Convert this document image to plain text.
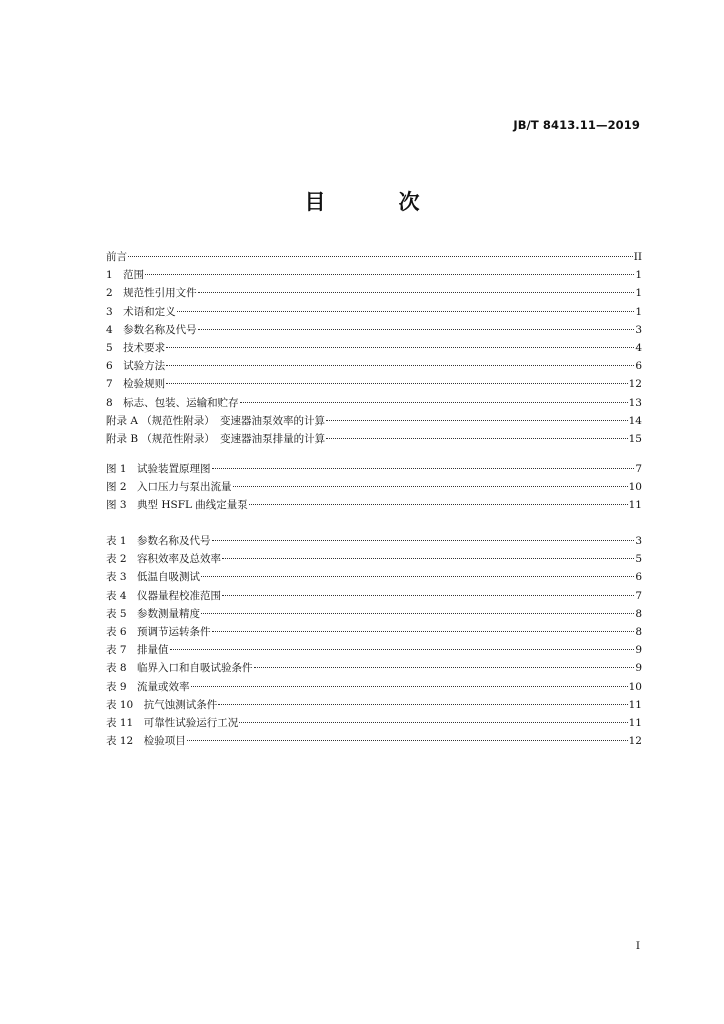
JB/T 8413.11—2019
目　次
前言	II
1　范围	1
2　规范性引用文件	1
3　术语和定义	1
4　参数名称及代号	3
5　技术要求	4
6　试验方法	6
7　检验规则	12
8　标志、包装、运输和贮存	13
附录 A （规范性附录）　变速器油泵效率的计算	14
附录 B （规范性附录）　变速器油泵排量的计算	15
图 1　试验装置原理图	7
图 2　入口压力与泵出流量	10
图 3　典型 HSFL 曲线定量泵	11
表 1　参数名称及代号	3
表 2　容积效率及总效率	5
表 3　低温自吸测试	6
表 4　仪器量程校准范围	7
表 5　参数测量精度	8
表 6　预调节运转条件	8
表 7　排量值	9
表 8　临界入口和自吸试验条件	9
表 9　流量或效率	10
表 10　抗气蚀测试条件	11
表 11　可靠性试验运行工况	11
表 12　检验项目	12
I
